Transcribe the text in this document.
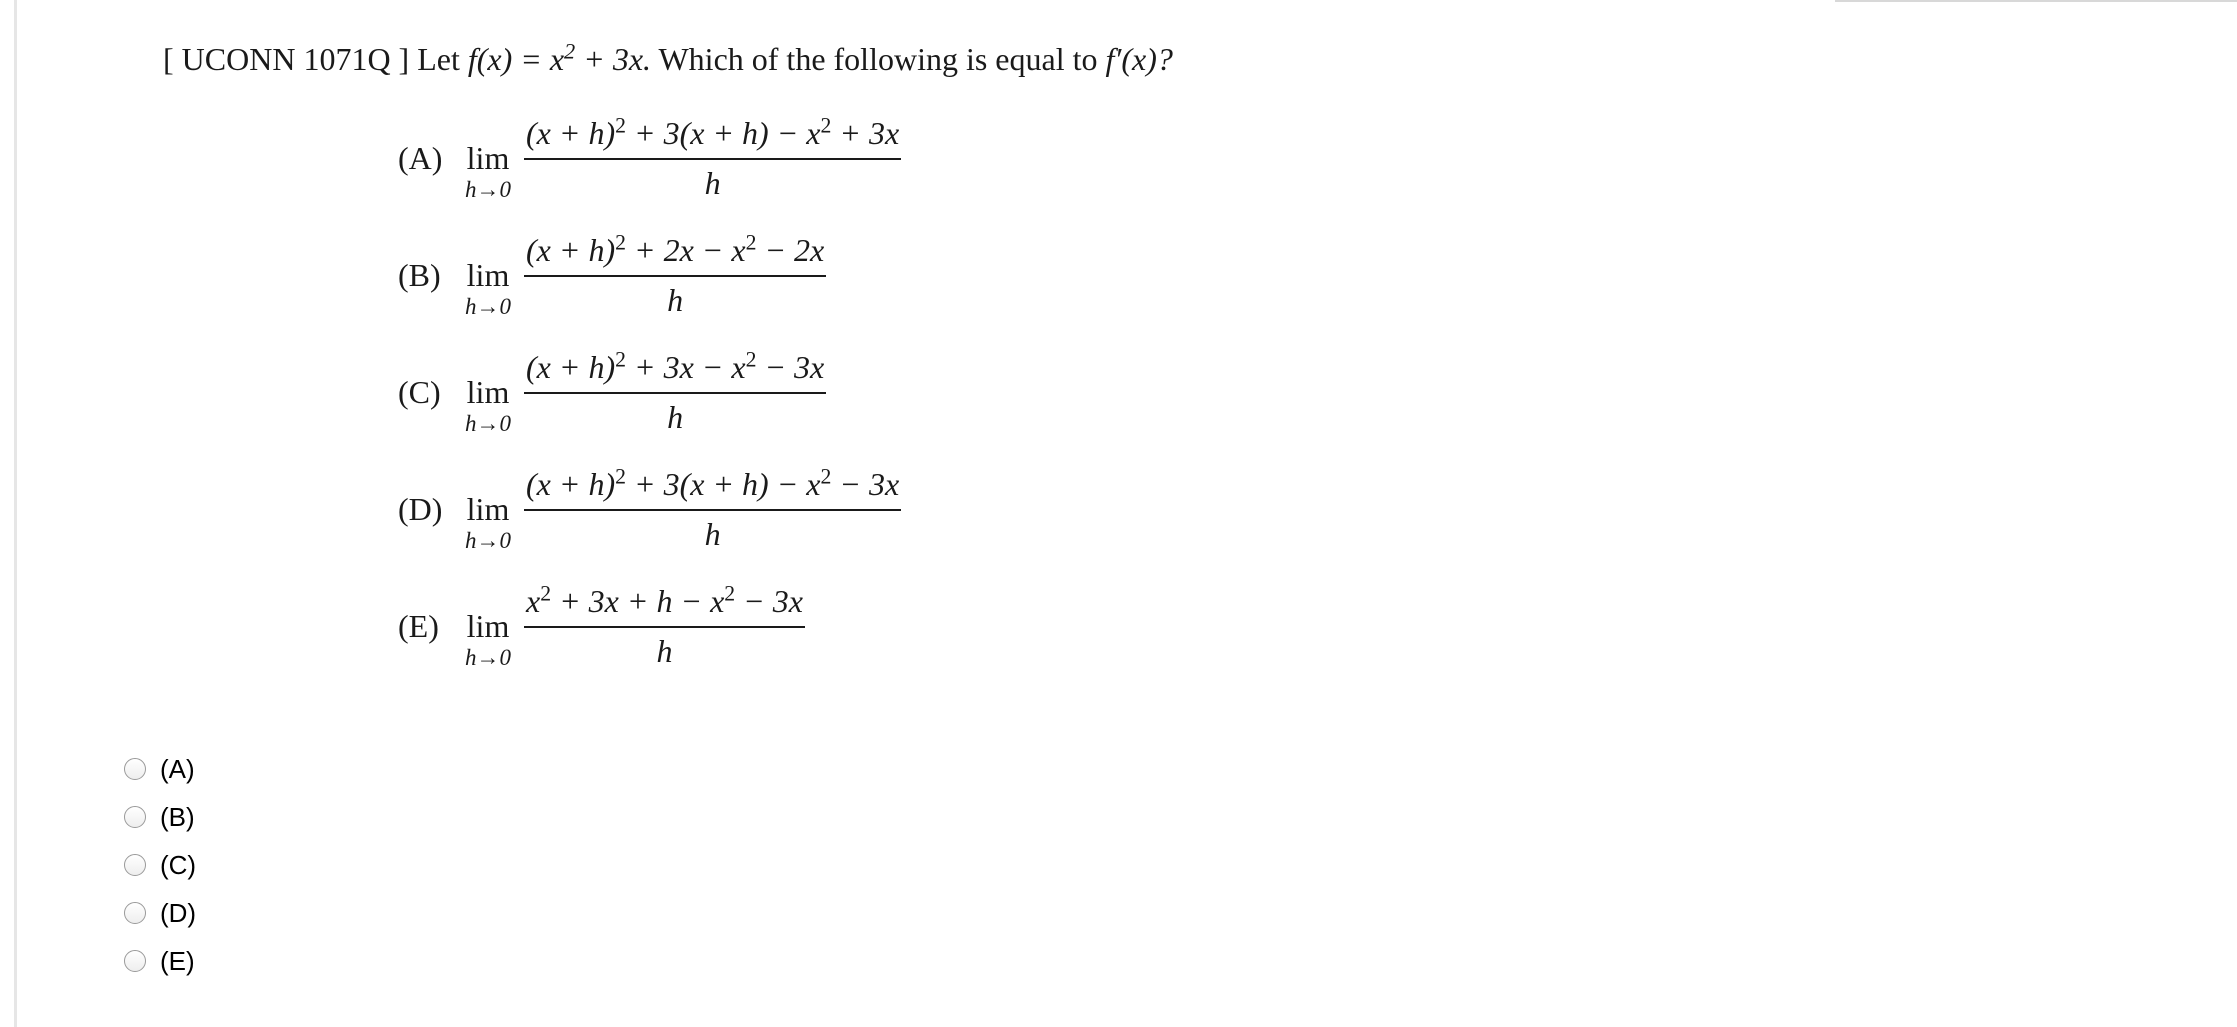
[ UCONN 1071Q ] Let $f(x) = x^2 + 3x$. Which of the following is equal to f′(x)?
(A) lim
$h\to 0 \frac{(x + h)^2 + 3(x + h) - x^2 + 3x}{h}$
(B) lim
$h\to 0 \frac{(x + h)^2 + 2x - x^2 - 2x}{h}$
(C) lim
$h\to 0 \frac{(x + h)^2 + 3x - x^2 - 3x}{h}$
(D) lim
$h\to 0 \frac{(x + h)^2 + 3(x + h) - x^2 - 3x}{h}$
(E) lim
$h\to 0 \frac{x^2 + 3x + h - x^2 - 3x}{h}$
(A)
(B)
(C)
(D)
(E)
